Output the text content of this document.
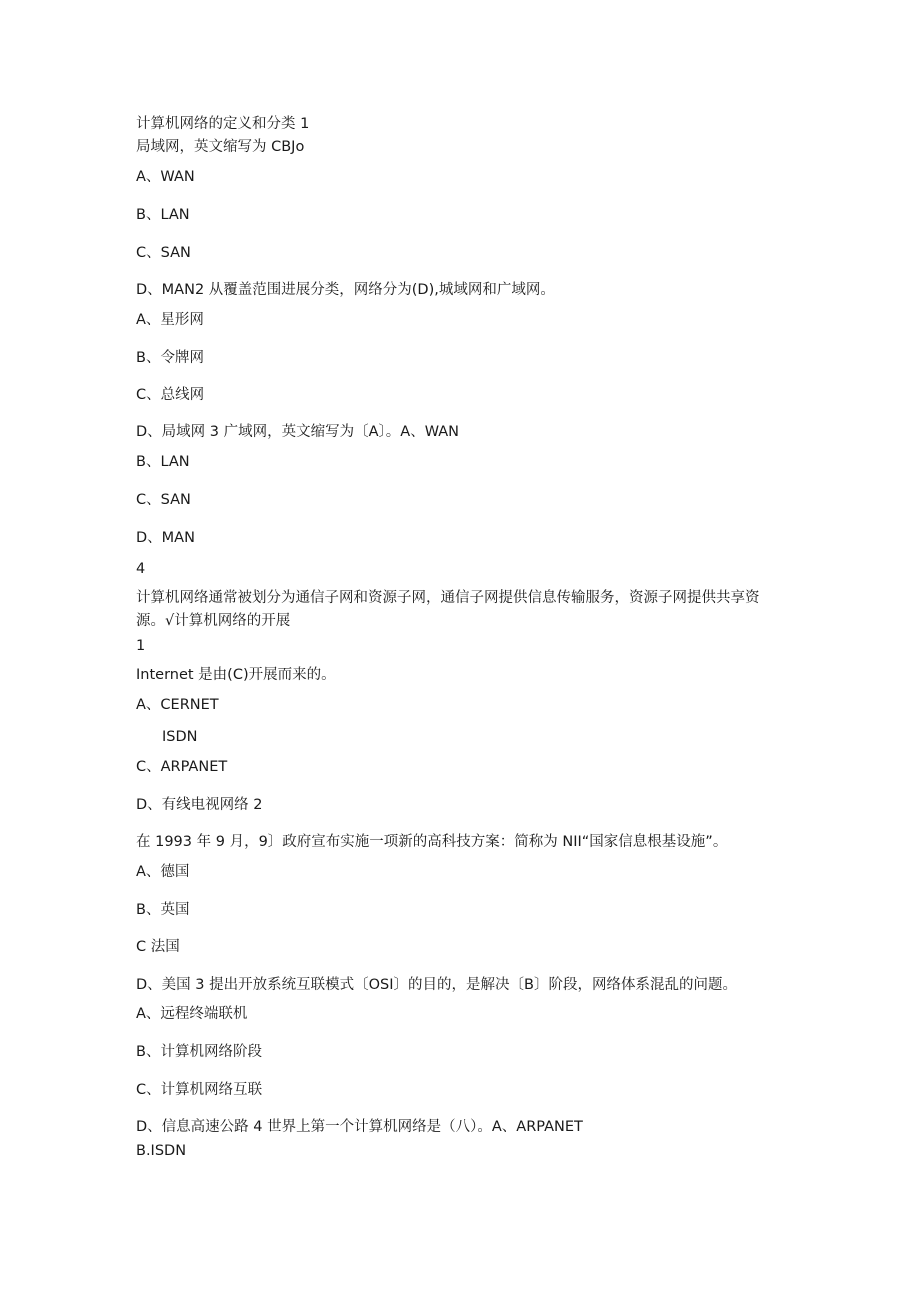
计算机网络的定义和分类 1
局域网，英文缩写为 CBJo
A、WAN
B、LAN
C、SAN
D、MAN2 从覆盖范围进展分类，网络分为(D),城域网和广域网。
A、星形网
B、令牌网
C、总线网
D、局域网 3 广域网，英文缩写为〔A〕。A、WAN
B、LAN
C、SAN
D、MAN
4
计算机网络通常被划分为通信子网和资源子网，通信子网提供信息传输服务，资源子网提供共享资源。√计算机网络的开展
1
Internet 是由(C)开展而来的。
A、CERNET
ISDN
C、ARPANET
D、有线电视网络 2
在 1993 年 9 月，9〕政府宣布实施一项新的高科技方案：简称为 NII“国家信息根基设施”。
A、德国
B、英国
C 法国
D、美国 3 提出开放系统互联模式〔OSI〕的目的，是解决〔B〕阶段，网络体系混乱的问题。
A、远程终端联机
B、计算机网络阶段
C、计算机网络互联
D、信息高速公路 4 世界上第一个计算机网络是（八）。A、ARPANET
B.ISDN
